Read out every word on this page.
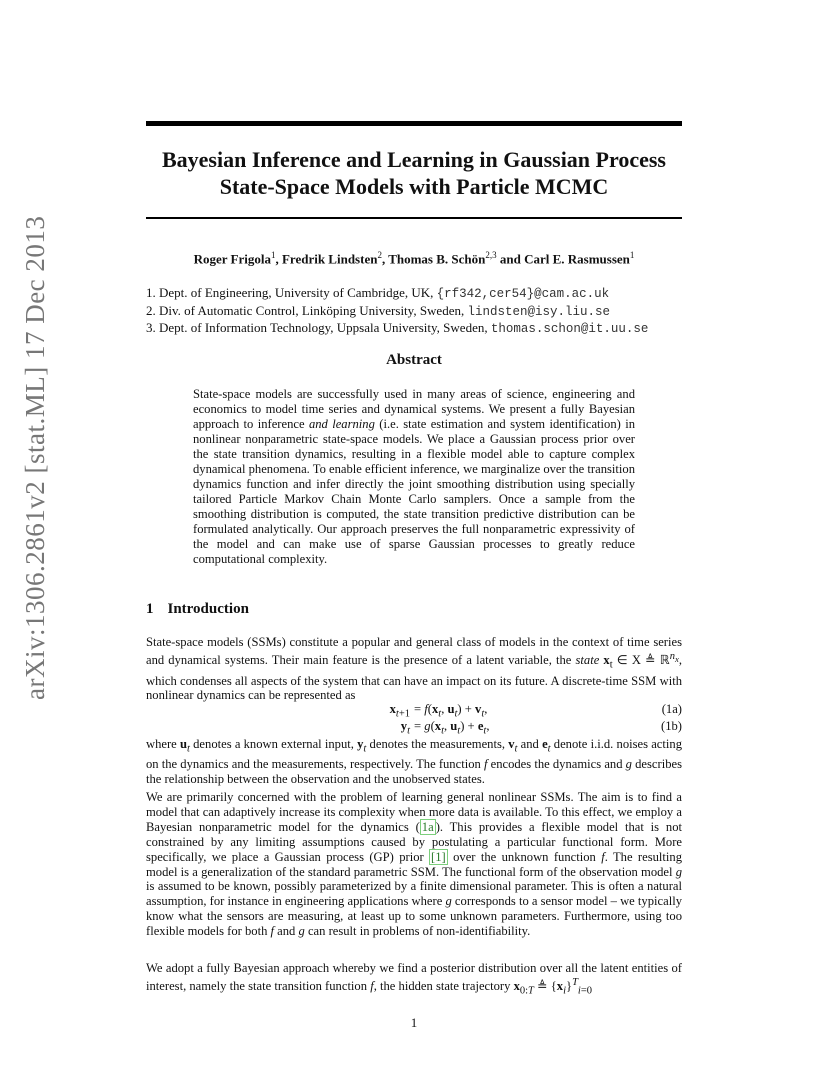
arXiv:1306.2861v2 [stat.ML] 17 Dec 2013
Bayesian Inference and Learning in Gaussian Process State-Space Models with Particle MCMC
Roger Frigola$^1$, Fredrik Lindsten$^2$, Thomas B. Schön$^{2,3}$ and Carl E. Rasmussen$^1$
1. Dept. of Engineering, University of Cambridge, UK, {rf342,cer54}@cam.ac.uk
2. Div. of Automatic Control, Linköping University, Sweden, lindsten@isy.liu.se
3. Dept. of Information Technology, Uppsala University, Sweden, thomas.schon@it.uu.se
Abstract
State-space models are successfully used in many areas of science, engineering and economics to model time series and dynamical systems. We present a fully Bayesian approach to inference and learning (i.e. state estimation and system identification) in nonlinear nonparametric state-space models. We place a Gaussian process prior over the state transition dynamics, resulting in a flexible model able to capture complex dynamical phenomena. To enable efficient inference, we marginalize over the transition dynamics function and infer directly the joint smoothing distribution using specially tailored Particle Markov Chain Monte Carlo samplers. Once a sample from the smoothing distribution is computed, the state transition predictive distribution can be formulated analytically. Our approach preserves the full nonparametric expressivity of the model and can make use of sparse Gaussian processes to greatly reduce computational complexity.
1 Introduction
State-space models (SSMs) constitute a popular and general class of models in the context of time series and dynamical systems. Their main feature is the presence of a latent variable, the state $x_t$ ∈ X ≜ ℝ$^{n_x}$, which condenses all aspects of the system that can have an impact on its future. A discrete-time SSM with nonlinear dynamics can be represented as
$x_{t+1} = f(x_t$, $u_t) + v_t$,	(1a)
$y_t = g(x_t$, $u_t) + e_t$,	(1b)
where $u_t$ denotes a known external input, $y_t$ denotes the measurements, $v_t$ and $e_t$ denote i.i.d. noises acting on the dynamics and the measurements, respectively. The function f encodes the dynamics and g describes the relationship between the observation and the unobserved states.
We are primarily concerned with the problem of learning general nonlinear SSMs. The aim is to find a model that can adaptively increase its complexity when more data is available. To this effect, we employ a Bayesian nonparametric model for the dynamics ( 1a ). This provides a flexible model that is not constrained by any limiting assumptions caused by postulating a particular functional form. More specifically, we place a Gaussian process (GP) prior [1] over the unknown function f. The resulting model is a generalization of the standard parametric SSM. The functional form of the observation model g is assumed to be known, possibly parameterized by a finite dimensional parameter. This is often a natural assumption, for instance in engineering applications where g corresponds to a sensor model – we typically know what the sensors are measuring, at least up to some unknown parameters. Furthermore, using too flexible models for both f and g can result in problems of non-identifiability.
We adopt a fully Bayesian approach whereby we find a posterior distribution over all the latent entities of interest, namely the state transition function f, the hidden state trajectory $x_{0:T}$ ≜ $\{x_i\}^T_{i=0}$
1
